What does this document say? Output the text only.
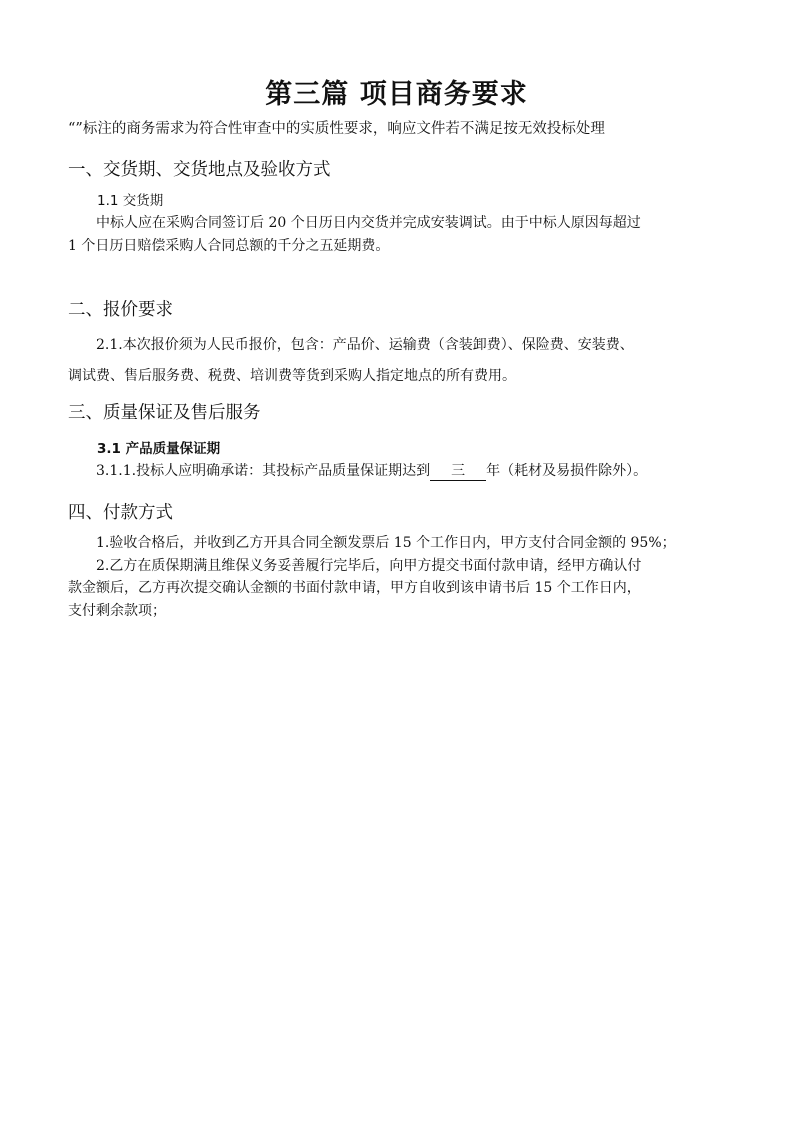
第三篇 项目商务要求
“”标注的商务需求为符合性审查中的实质性要求，响应文件若不满足按无效投标处理
一、交货期、交货地点及验收方式
1.1 交货期
中标人应在采购合同签订后 20 个日历日内交货并完成安装调试。由于中标人原因每超过
1 个日历日赔偿采购人合同总额的千分之五延期费。
二、报价要求
2.1.本次报价须为人民币报价，包含：产品价、运输费（含装卸费）、保险费、安装费、
调试费、售后服务费、税费、培训费等货到采购人指定地点的所有费用。
三、质量保证及售后服务
3.1 产品质量保证期
3.1.1.投标人应明确承诺：其投标产品质量保证期达到 三 年（耗材及易损件除外）。
四、付款方式
1.验收合格后，并收到乙方开具合同全额发票后 15 个工作日内，甲方支付合同金额的 95%；
2.乙方在质保期满且维保义务妥善履行完毕后，向甲方提交书面付款申请，经甲方确认付
款金额后，乙方再次提交确认金额的书面付款申请，甲方自收到该申请书后 15 个工作日内，
支付剩余款项；
